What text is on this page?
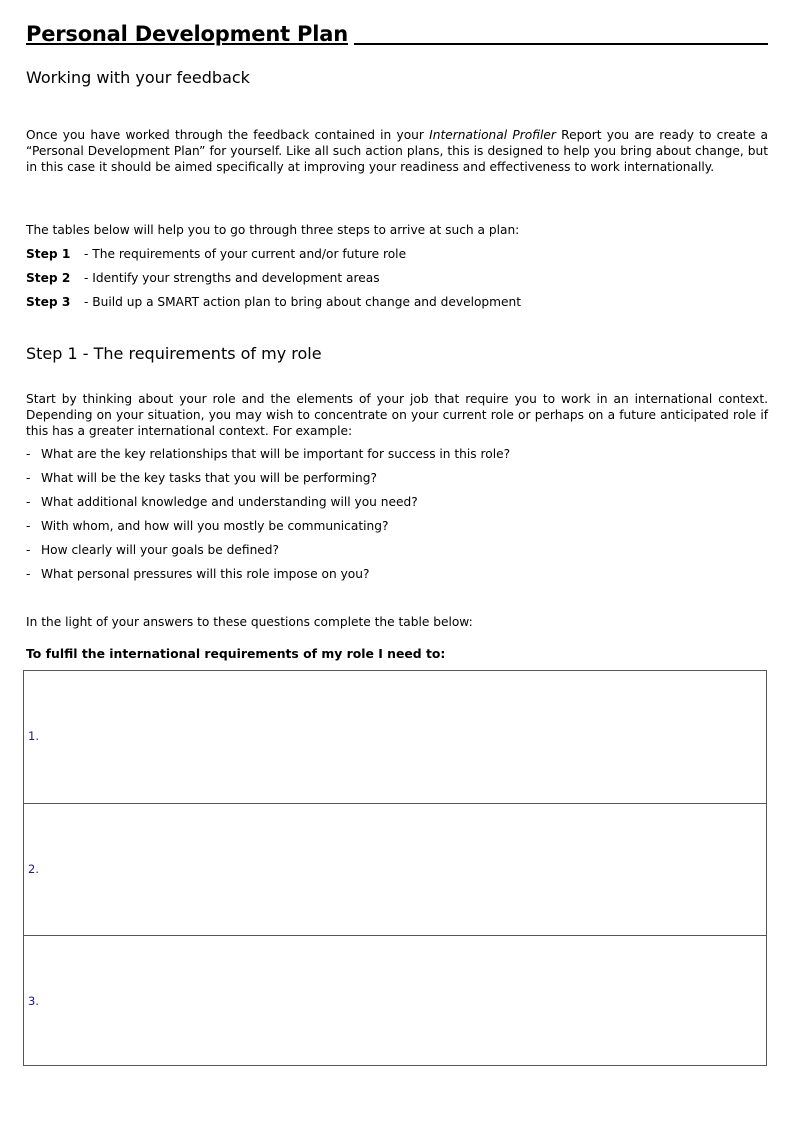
Personal Development Plan
Working with your feedback

Once you have worked through the feedback contained in your International Profiler Report you are ready to create a “Personal Development Plan” for yourself. Like all such action plans, this is designed to help you bring about change, but in this case it should be aimed specifically at improving your readiness and effectiveness to work internationally.

The tables below will help you to go through three steps to arrive at such a plan:
Step 1 - The requirements of your current and/or future role
Step 2 - Identify your strengths and development areas
Step 3 - Build up a SMART action plan to bring about change and development
Step 1 - The requirements of my role

Start by thinking about your role and the elements of your job that require you to work in an international context. Depending on your situation, you may wish to concentrate on your current role or perhaps on a future anticipated role if this has a greater international context. For example:

- What are the key relationships that will be important for success in this role?
- What will be the key tasks that you will be performing?
- What additional knowledge and understanding will you need?
- With whom, and how will you mostly be communicating?
- How clearly will your goals be defined?
- What personal pressures will this role impose on you?
In the light of your answers to these questions complete the table below:
To fulfil the international requirements of my role I need to:
1.
2.
3.
